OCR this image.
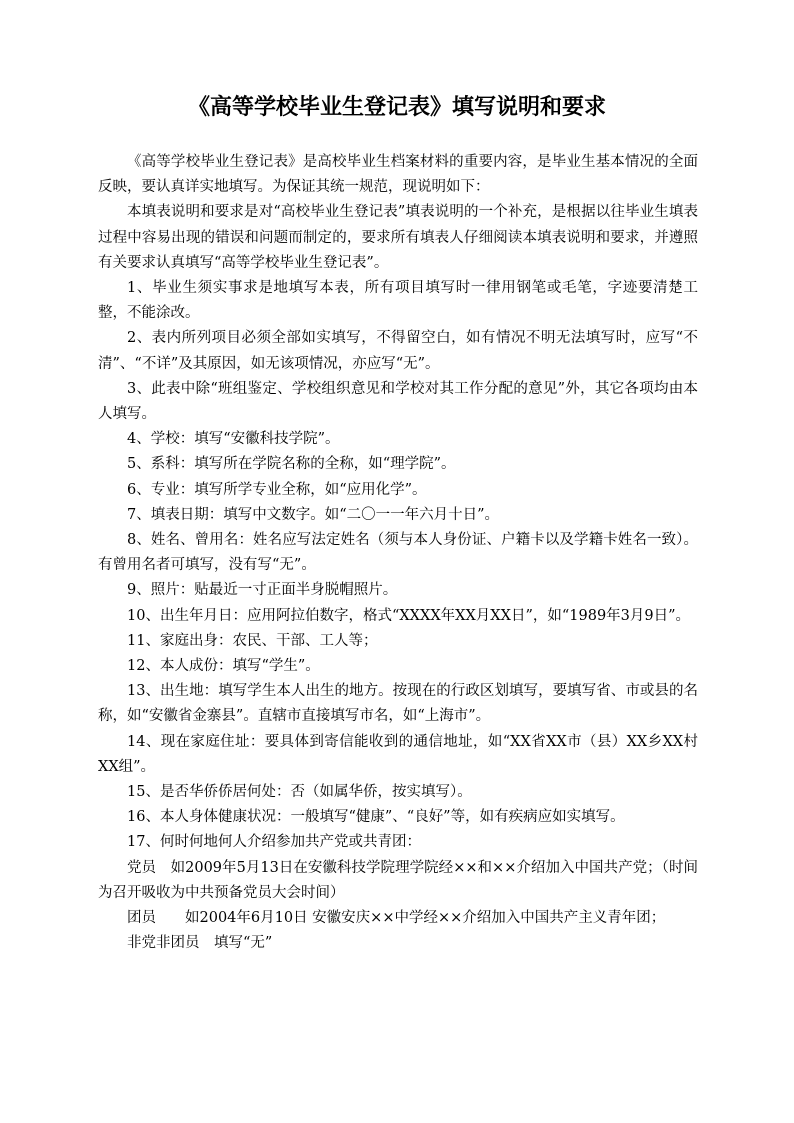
《高等学校毕业生登记表》填写说明和要求

《高等学校毕业生登记表》是高校毕业生档案材料的重要内容，是毕业生基本情况的全面反映，要认真详实地填写。为保证其统一规范，现说明如下：

本填表说明和要求是对“高校毕业生登记表”填表说明的一个补充，是根据以往毕业生填表过程中容易出现的错误和问题而制定的，要求所有填表人仔细阅读本填表说明和要求，并遵照有关要求认真填写“高等学校毕业生登记表”。

1、毕业生须实事求是地填写本表，所有项目填写时一律用钢笔或毛笔，字迹要清楚工整，不能涂改。

2、表内所列项目必须全部如实填写，不得留空白，如有情况不明无法填写时，应写“不清”、“不详”及其原因，如无该项情况，亦应写“无”。

3、此表中除“班组鉴定、学校组织意见和学校对其工作分配的意见”外，其它各项均由本人填写。

4、学校：填写“安徽科技学院”。

5、系科：填写所在学院名称的全称，如“理学院”。

6、专业：填写所学专业全称，如“应用化学”。

7、填表日期：填写中文数字。如“二〇一一年六月十日”。

8、姓名、曾用名：姓名应写法定姓名（须与本人身份证、户籍卡以及学籍卡姓名一致）。有曾用名者可填写，没有写“无”。

9、照片：贴最近一寸正面半身脱帽照片。

10、出生年月日：应用阿拉伯数字，格式“XXXX年XX月XX日”，如“1989年3月9日”。

11、家庭出身：农民、干部、工人等；

12、本人成份：填写“学生”。

13、出生地：填写学生本人出生的地方。按现在的行政区划填写，要填写省、市或县的名称，如“安徽省金寨县”。直辖市直接填写市名，如“上海市”。

14、现在家庭住址：要具体到寄信能收到的通信地址，如“XX省XX市（县）XX乡XX村XX组”。

15、是否华侨侨居何处：否（如属华侨，按实填写）。

16、本人身体健康状况：一般填写“健康”、“良好”等，如有疾病应如实填写。

17、何时何地何人介绍参加共产党或共青团：

党员　如2009年5月13日在安徽科技学院理学院经××和××介绍加入中国共产党；（时间为召开吸收为中共预备党员大会时间）

团员　　如2004年6月10日 安徽安庆××中学经××介绍加入中国共产主义青年团；

非党非团员　填写“无”
